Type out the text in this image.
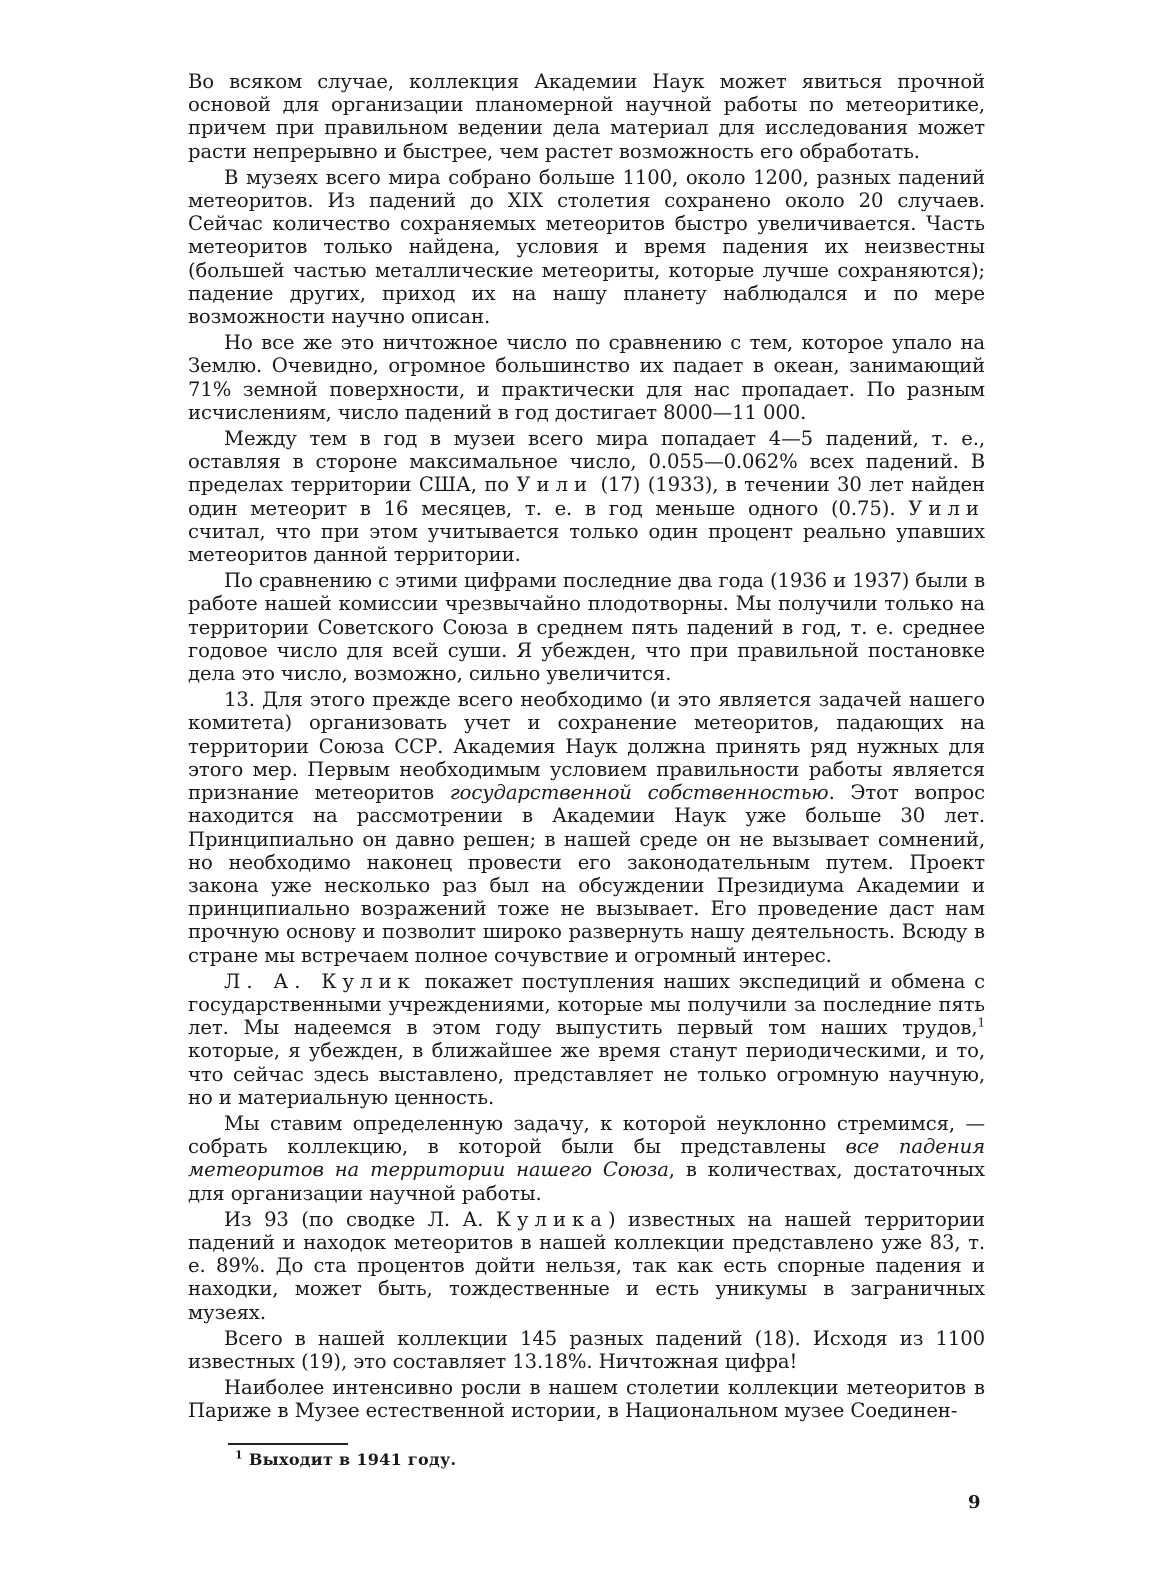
Во всяком случае, коллекция Академии Наук может явиться прочной основой для организации планомерной научной работы по метеоритике, причем при правильном ведении дела материал для исследования может расти непрерывно и быстрее, чем растет возможность его обработать.

В музеях всего мира собрано больше 1100, около 1200, разных падений метеоритов. Из падений до XIX столетия сохранено около 20 случаев. Сейчас количество сохраняемых метеоритов быстро увеличивается. Часть метеоритов только найдена, условия и время падения их неизвестны (большей частью металлические метеориты, которые лучше сохраняются); падение других, приход их на нашу планету наблюдался и по мере возможности научно описан.

Но все же это ничтожное число по сравнению с тем, которое упало на Землю. Очевидно, огромное большинство их падает в океан, занимающий 71% земной поверхности, и практически для нас пропадает. По разным исчислениям, число падений в год достигает 8000—11 000.

Между тем в год в музеи всего мира попадает 4—5 падений, т. е., оставляя в стороне максимальное число, 0.055—0.062% всех падений. В пределах территории США, по Уили (17) (1933), в течении 30 лет найден один метеорит в 16 месяцев, т. е. в год меньше одного (0.75). Уили считал, что при этом учитывается только один процент реально упавших метеоритов данной территории.

По сравнению с этими цифрами последние два года (1936 и 1937) были в работе нашей комиссии чрезвычайно плодотворны. Мы получили только на территории Советского Союза в среднем пять падений в год, т. е. среднее годовое число для всей суши. Я убежден, что при правильной постановке дела это число, возможно, сильно увеличится.

13. Для этого прежде всего необходимо (и это является задачей нашего комитета) организовать учет и сохранение метеоритов, падающих на территории Союза ССР. Академия Наук должна принять ряд нужных для этого мер. Первым необходимым условием правильности работы является признание метеоритов государственной собственностью. Этот вопрос находится на рассмотрении в Академии Наук уже больше 30 лет. Принципиально он давно решен; в нашей среде он не вызывает сомнений, но необходимо наконец провести его законодательным путем. Проект закона уже несколько раз был на обсуждении Президиума Академии и принципиально возражений тоже не вызывает. Его проведение даст нам прочную основу и позволит широко развернуть нашу деятельность. Всюду в стране мы встречаем полное сочувствие и огромный интерес.

Л. А. Кулик покажет поступления наших экспедиций и обмена с государственными учреждениями, которые мы получили за последние пять лет. Мы надеемся в этом году выпустить первый том наших трудов,$^1$ которые, я убежден, в ближайшее же время станут периодическими, и то, что сейчас здесь выставлено, представляет не только огромную научную, но и материальную ценность.

Мы ставим определенную задачу, к которой неуклонно стремимся, — собрать коллекцию, в которой были бы представлены все падения метеоритов на территории нашего Союза, в количествах, достаточных для организации научной работы.

Из 93 (по сводке Л. А. Кулика) известных на нашей территории падений и находок метеоритов в нашей коллекции представлено уже 83, т. е. 89%. До ста процентов дойти нельзя, так как есть спорные падения и находки, может быть, тождественные и есть уникумы в заграничных музеях.

Всего в нашей коллекции 145 разных падений (18). Исходя из 1100 известных (19), это составляет 13.18%. Ничтожная цифра!

Наиболее интенсивно росли в нашем столетии коллекции метеоритов в Париже в Музее естественной истории, в Национальном музее Соединен-

$^1$ Выходит в 1941 году.
9
